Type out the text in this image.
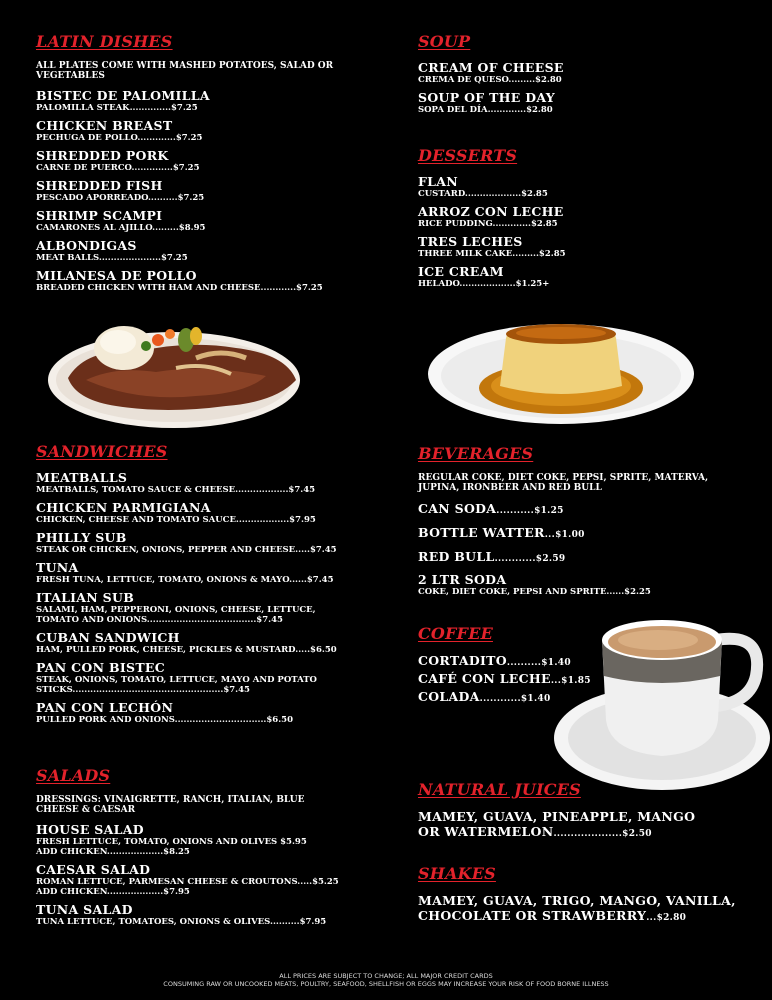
LATIN DISHES
ALL PLATES COME WITH MASHED POTATOES, SALAD OR VEGETABLES
BISTEC DE PALOMILLA
PALOMILLA STEAK..............$7.25
CHICKEN BREAST
PECHUGA DE POLLO.............$7.25
SHREDDED PORK
CARNE DE PUERCO..............$7.25
SHREDDED FISH
PESCADO APORREADO..........$7.25
SHRIMP SCAMPI
CAMARONES AL AJILLO.........$8.95
ALBONDIGAS
MEAT BALLS.....................$7.25
MILANESA DE POLLO
BREADED CHICKEN WITH HAM AND CHEESE............$7.25
SANDWICHES
MEATBALLS
MEATBALLS, TOMATO SAUCE & CHEESE..................$7.45
CHICKEN PARMIGIANA
CHICKEN, CHEESE AND TOMATO SAUCE..................$7.95
PHILLY SUB
STEAK OR CHICKEN, ONIONS, PEPPER AND CHEESE.....$7.45
TUNA
FRESH TUNA, LETTUCE, TOMATO, ONIONS & MAYO......$7.45
ITALIAN SUB
SALAMI, HAM, PEPPERONI, ONIONS, CHEESE, LETTUCE,
TOMATO AND ONIONS.....................................$7.45
CUBAN SANDWICH
HAM, PULLED PORK, CHEESE, PICKLES & MUSTARD.....$6.50
PAN CON BISTEC
STEAK, ONIONS, TOMATO, LETTUCE, MAYO AND POTATO
STICKS...................................................$7.45
PAN CON LECHÓN
PULLED PORK AND ONIONS...............................$6.50
SALADS
DRESSINGS: VINAIGRETTE, RANCH, ITALIAN, BLUE CHEESE & CAESAR
HOUSE SALAD
FRESH LETTUCE, TOMATO, ONIONS AND OLIVES $5.95
ADD CHICKEN...................$8.25
CAESAR SALAD
ROMAN LETTUCE, PARMESAN CHEESE & CROUTONS.....$5.25
ADD CHICKEN...................$7.95
TUNA SALAD
TUNA LETTUCE, TOMATOES, ONIONS & OLIVES..........$7.95
SOUP
CREAM OF CHEESE
CREMA DE QUESO.........$2.80
SOUP OF THE DAY
SOPA DEL DÍA.............$2.80
DESSERTS
FLAN
CUSTARD...................$2.85
ARROZ CON LECHE
RICE PUDDING.............$2.85
TRES LECHES
THREE MILK CAKE.........$2.85
ICE CREAM
HELADO...................$1.25+
BEVERAGES
REGULAR COKE, DIET COKE, PEPSI, SPRITE, MATERVA, JUPINA, IRONBEER AND RED BULL
CAN SODA...........$1.25
BOTTLE WATTER...$1.00
RED BULL............$2.59
2 LTR SODA
COKE, DIET COKE, PEPSI AND SPRITE......$2.25
COFFEE
CORTADITO..........$1.40
CAFÉ CON LECHE...$1.85
COLADA............$1.40
NATURAL JUICES
MAMEY, GUAVA, PINEAPPLE, MANGO
OR WATERMELON....................$2.50
SHAKES
MAMEY, GUAVA, TRIGO, MANGO, VANILLA,
CHOCOLATE OR STRAWBERRY...$2.80
ALL PRICES ARE SUBJECT TO CHANGE; ALL MAJOR CREDIT CARDS
CONSUMING RAW OR UNCOOKED MEATS, POULTRY, SEAFOOD, SHELLFISH OR EGGS MAY INCREASE YOUR RISK OF FOOD BORNE ILLNESS
